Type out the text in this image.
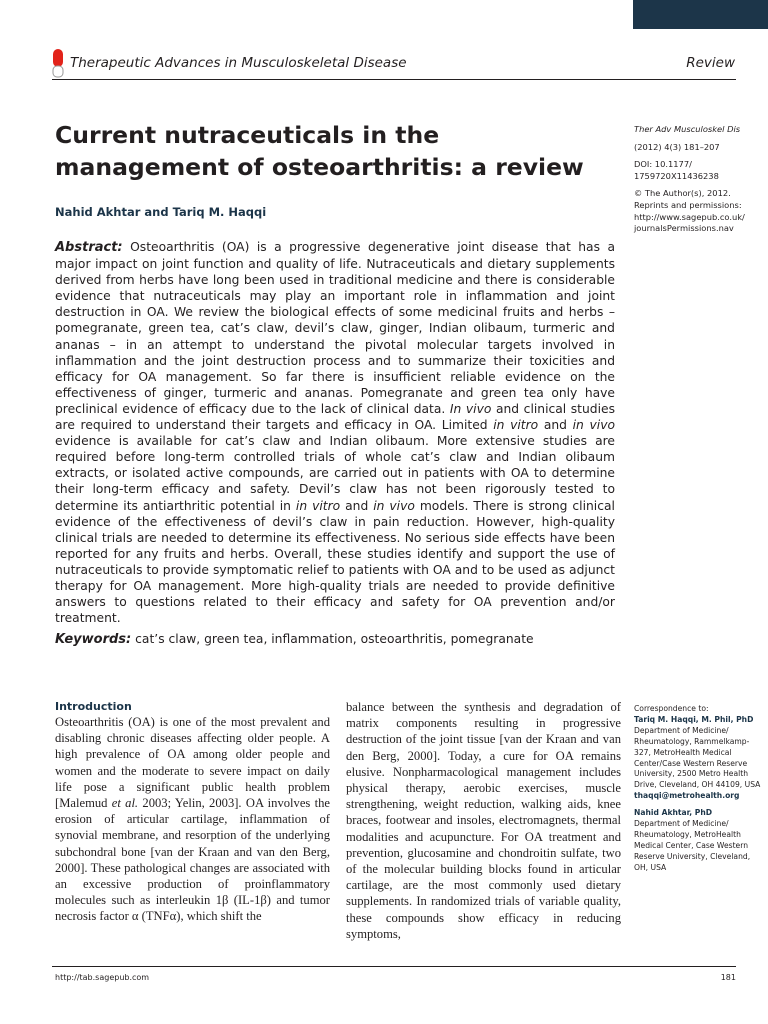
Therapeutic Advances in Musculoskeletal Disease	Review
Current nutraceuticals in the management of osteoarthritis: a review
Nahid Akhtar and Tariq M. Haqqi

Ther Adv Musculoskel Dis

(2012) 4(3) 181–207

DOI: 10.1177/ 1759720X11436238

© The Author(s), 2012.

Reprints and permissions: http://www.sagepub.co.uk/ journalsPermissions.nav

Abstract: Osteoarthritis (OA) is a progressive degenerative joint disease that has a major impact on joint function and quality of life. Nutraceuticals and dietary supplements derived from herbs have long been used in traditional medicine and there is considerable evidence that nutraceuticals may play an important role in inflammation and joint destruction in OA. We review the biological effects of some medicinal fruits and herbs – pomegranate, green tea, cat’s claw, devil’s claw, ginger, Indian olibaum, turmeric and ananas – in an attempt to understand the pivotal molecular targets involved in inflammation and the joint destruction process and to summarize their toxicities and efficacy for OA management. So far there is insufficient reliable evidence on the effectiveness of ginger, turmeric and ananas. Pomegranate and green tea only have preclinical evidence of efficacy due to the lack of clinical data. In vivo and clinical studies are required to understand their targets and efficacy in OA. Limited in vitro and in vivo evidence is available for cat’s claw and Indian olibaum. More extensive studies are required before long-term controlled trials of whole cat’s claw and Indian olibaum extracts, or isolated active compounds, are carried out in patients with OA to determine their long-term efficacy and safety. Devil’s claw has not been rigorously tested to determine its antiarthritic potential in in vitro and in vivo models. There is strong clinical evidence of the effectiveness of devil’s claw in pain reduction. However, high-quality clinical trials are needed to determine its effectiveness. No serious side effects have been reported for any fruits and herbs. Overall, these studies identify and support the use of nutraceuticals to provide symptomatic relief to patients with OA and to be used as adjunct therapy for OA management. More high-quality trials are needed to provide definitive answers to questions related to their efficacy and safety for OA prevention and/or treatment.
Keywords: cat’s claw, green tea, inflammation, osteoarthritis, pomegranate
Introduction

Osteoarthritis (OA) is one of the most prevalent and disabling chronic diseases affecting older people. A high prevalence of OA among older people and women and the moderate to severe impact on daily life pose a significant public health problem [Malemud et al. 2003; Yelin, 2003]. OA involves the erosion of articular cartilage, inflammation of synovial membrane, and resorption of the underlying subchondral bone [van der Kraan and van den Berg, 2000]. These pathological changes are associated with an excessive production of proinflammatory molecules such as interleukin 1β (IL-1β) and tumor necrosis factor α (TNFα), which shift the

balance between the synthesis and degradation of matrix components resulting in progressive destruction of the joint tissue [van der Kraan and van den Berg, 2000]. Today, a cure for OA remains elusive. Nonpharmacological management includes physical therapy, aerobic exercises, muscle strengthening, weight reduction, walking aids, knee braces, footwear and insoles, electromagnets, thermal modalities and acupuncture. For OA treatment and prevention, glucosamine and chondroitin sulfate, two of the molecular building blocks found in articular cartilage, are the most commonly used dietary supplements. In randomized trials of variable quality, these compounds show efficacy in reducing symptoms,

Correspondence to:

Tariq M. Haqqi, M. Phil, PhD

Department of Medicine/ Rheumatology, Rammelkamp-327, MetroHealth Medical Center/Case Western Reserve University, 2500 Metro Health Drive, Cleveland, OH 44109, USA

thaqqi@metrohealth.org

Nahid Akhtar, PhD

Department of Medicine/ Rheumatology, MetroHealth Medical Center, Case Western Reserve University, Cleveland, OH, USA

http://tab.sagepub.com	181
